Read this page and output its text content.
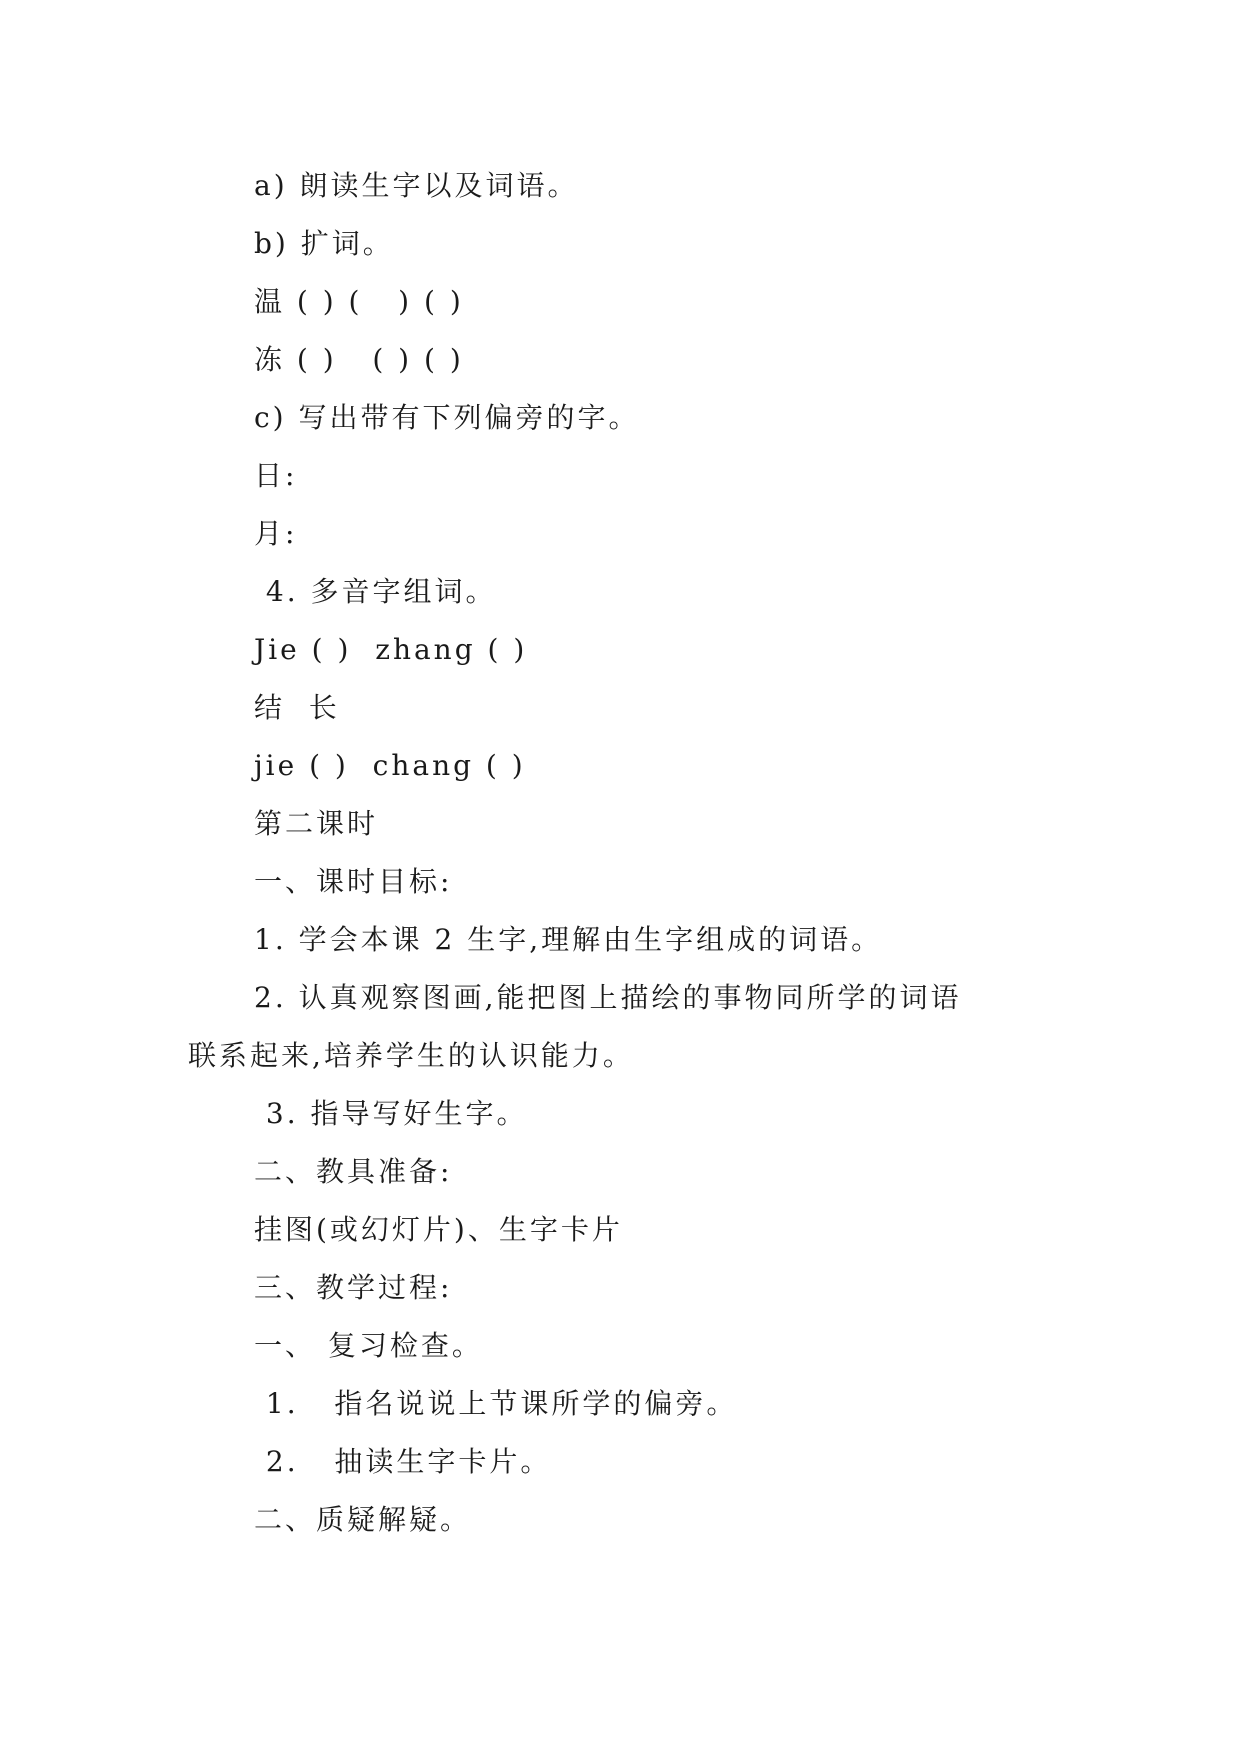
a) 朗读生字以及词语。
b) 扩词。
温 ( ) (   ) ( )
冻 ( )   ( ) ( )
c) 写出带有下列偏旁的字。
日:
月:
4. 多音字组词。
Jie ( )  zhang ( )
结  长
jie ( )  chang ( )
第二课时
一、课时目标:
1. 学会本课 2 生字,理解由生字组成的词语。
2. 认真观察图画,能把图上描绘的事物同所学的词语
联系起来,培养学生的认识能力。
3. 指导写好生字。
二、教具准备:
挂图(或幻灯片)、生字卡片
三、教学过程:
一、 复习检查。
1.   指名说说上节课所学的偏旁。
2.   抽读生字卡片。
二、质疑解疑。
